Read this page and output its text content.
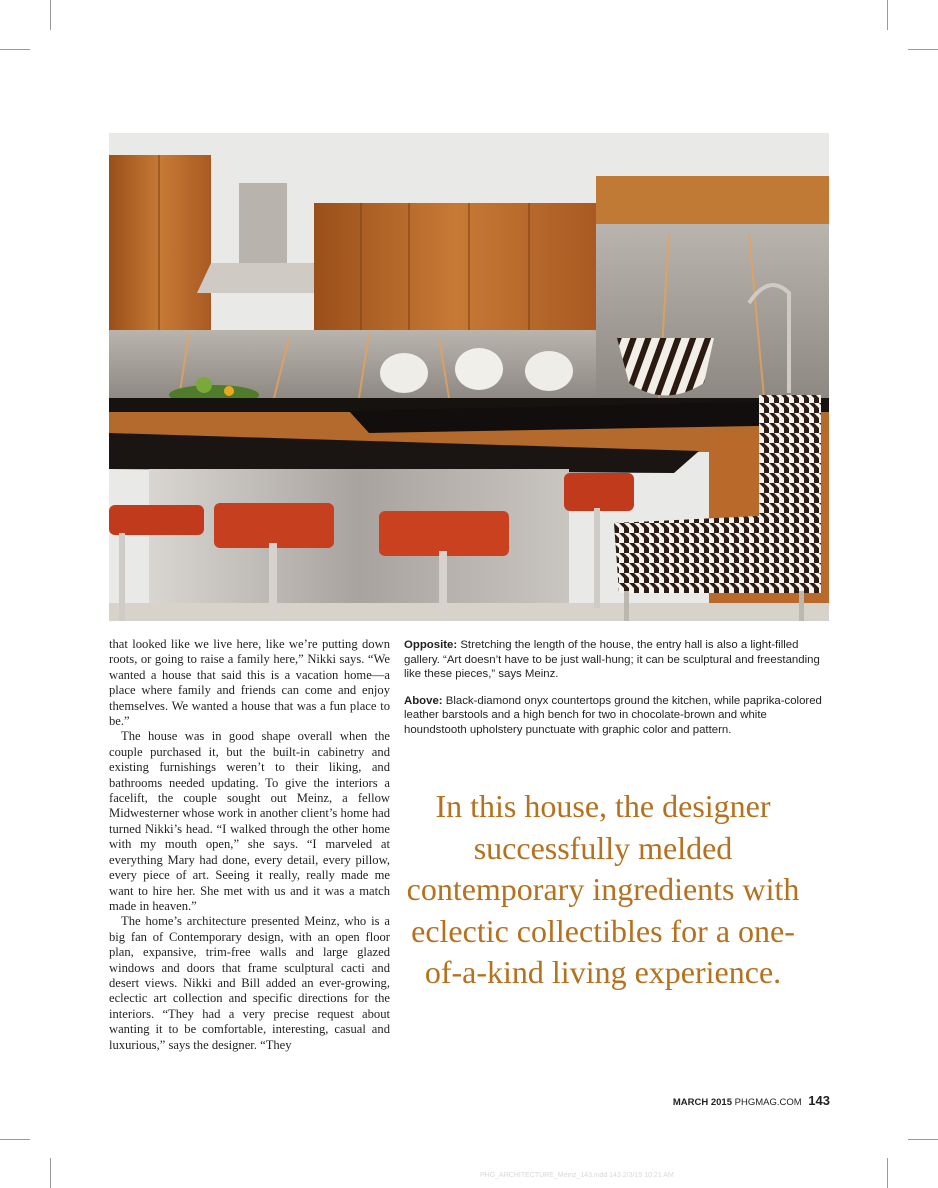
that looked like we live here, like we’re putting down roots, or going to raise a family here,” Nikki says. “We wanted a house that said this is a vacation home—a place where family and friends can come and enjoy themselves. We wanted a house that was a fun place to be.”

The house was in good shape overall when the couple purchased it, but the built-in cabinetry and existing furnishings weren’t to their liking, and bathrooms needed updating. To give the interiors a facelift, the couple sought out Meinz, a fellow Midwesterner whose work in another client’s home had turned Nikki’s head. “I walked through the other home with my mouth open,” she says. “I marveled at everything Mary had done, every detail, every pillow, every piece of art. Seeing it really, really made me want to hire her. She met with us and it was a match made in heaven.”

The home’s architecture presented Meinz, who is a big fan of Contemporary design, with an open floor plan, expansive, trim-free walls and large glazed windows and doors that frame sculptural cacti and desert views. Nikki and Bill added an ever-growing, eclectic art collection and specific directions for the interiors. “They had a very precise request about wanting it to be comfortable, interesting, casual and luxurious,” says the designer. “They

Opposite: Stretching the length of the house, the entry hall is also a light-filled gallery. “Art doesn’t have to be just wall-hung; it can be sculptural and freestanding like these pieces,” says Meinz.

Above: Black-diamond onyx countertops ground the kitchen, while paprika-colored leather barstools and a high bench for two in chocolate-brown and white houndstooth upholstery punctuate with graphic color and pattern.

In this house, the designer successfully melded contemporary ingredients with eclectic collectibles for a one-of-a-kind living experience.
MARCH 2015 PHGMAG.COM 143
PHG_ARCHITECTURE_Meinz_143.indd 143 2/3/15 10:21 AM
